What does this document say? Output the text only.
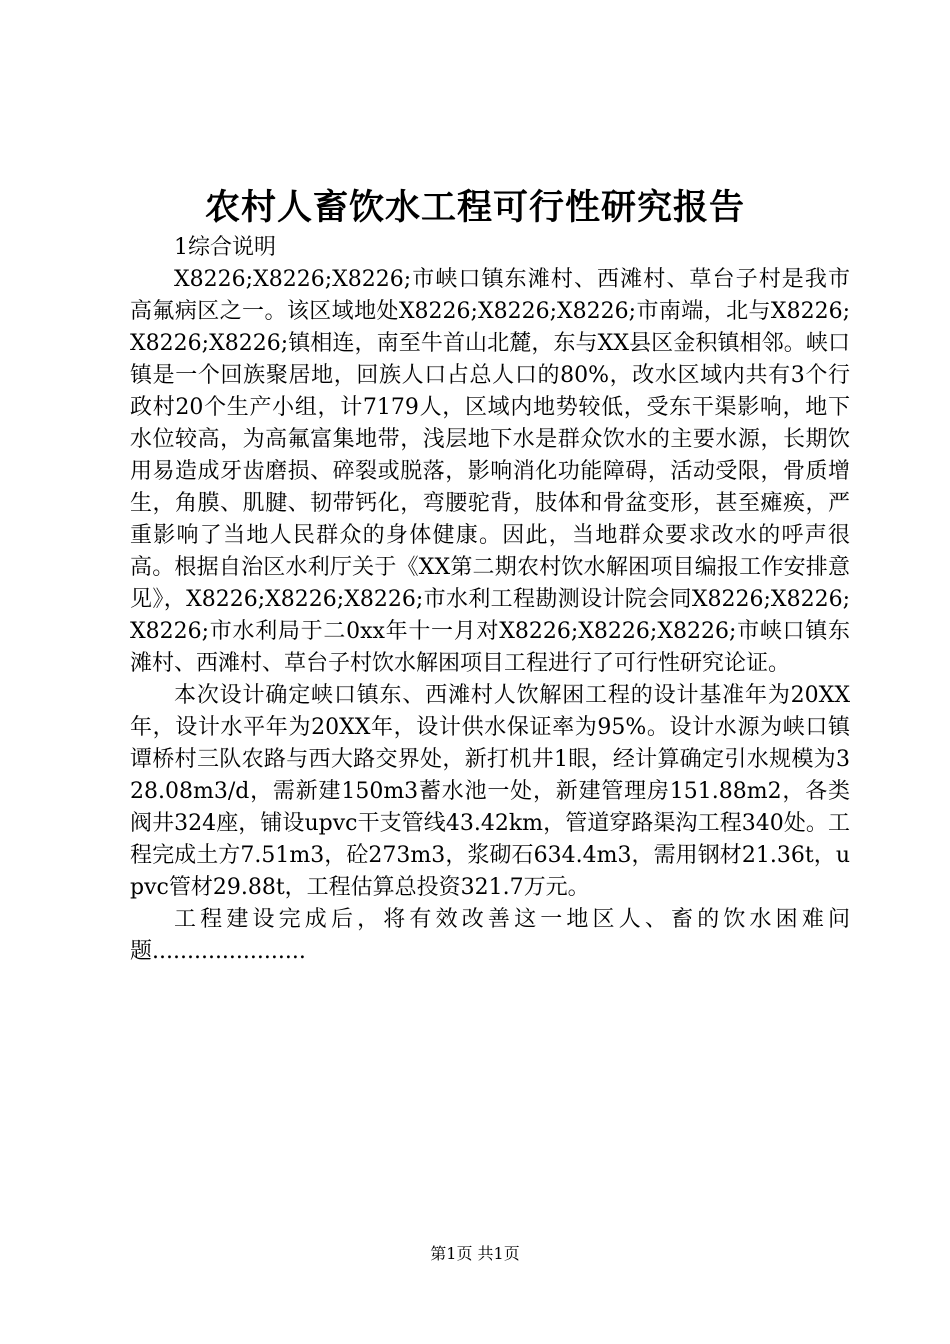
农村人畜饮水工程可行性研究报告

1综合说明

X8226;X8226;X8226;市峡口镇东滩村、西滩村、草台子村是我市高氟病区之一。该区域地处X8226;X8226;X8226;市南端，北与X8226;X8226;X8226;镇相连，南至牛首山北麓，东与XX县区金积镇相邻。峡口镇是一个回族聚居地，回族人口占总人口的80%，改水区域内共有3个行政村20个生产小组，计7179人，区域内地势较低，受东干渠影响，地下水位较高，为高氟富集地带，浅层地下水是群众饮水的主要水源，长期饮用易造成牙齿磨损、碎裂或脱落，影响消化功能障碍，活动受限，骨质增生，角膜、肌腱、韧带钙化，弯腰驼背，肢体和骨盆变形，甚至瘫痪，严重影响了当地人民群众的身体健康。因此，当地群众要求改水的呼声很高。根据自治区水利厅关于《XX第二期农村饮水解困项目编报工作安排意见》，X8226;X8226;X8226;市水利工程勘测设计院会同X8226;X8226;X8226;市水利局于二0xx年十一月对X8226;X8226;X8226;市峡口镇东滩村、西滩村、草台子村饮水解困项目工程进行了可行性研究论证。

本次设计确定峡口镇东、西滩村人饮解困工程的设计基准年为20XX年，设计水平年为20XX年，设计供水保证率为95%。设计水源为峡口镇谭桥村三队农路与西大路交界处，新打机井1眼，经计算确定引水规模为328.08m3/d，需新建150m3蓄水池一处，新建管理房151.88m2，各类阀井324座，铺设upvc干支管线43.42km，管道穿路渠沟工程340处。工程完成土方7.51m3，砼273m3，浆砌石634.4m3，需用钢材21.36t，upvc管材29.88t，工程估算总投资321.7万元。

工程建设完成后，将有效改善这一地区人、畜的饮水困难问题......................

第1页 共1页
